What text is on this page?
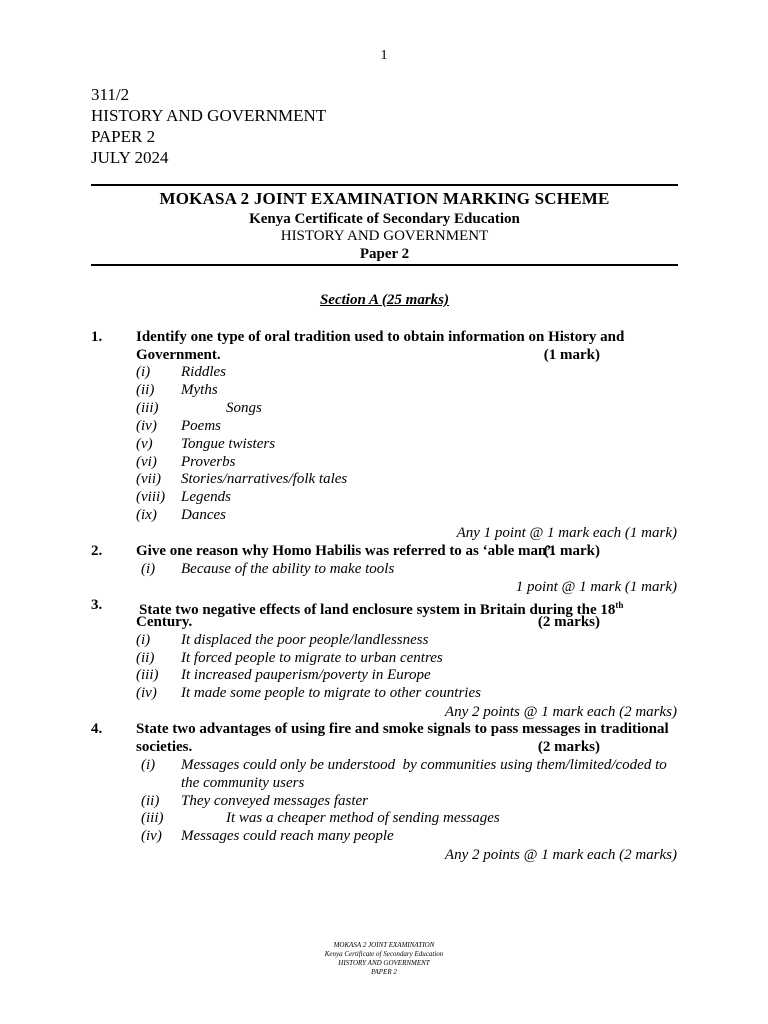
1
311/2
HISTORY AND GOVERNMENT
PAPER 2
JULY 2024
MOKASA 2 JOINT EXAMINATION MARKING SCHEME
Kenya Certificate of Secondary Education
HISTORY AND GOVERNMENT
Paper 2
Section A (25 marks)
1. Identify one type of oral tradition used to obtain information on History and
Government.	(1 mark)
(i) Riddles
(ii) Myths
(iii)	Songs
(iv) Poems
(v) Tongue twisters
(vi) Proverbs
(vii) Stories/narratives/folk tales
(viii) Legends
(ix) Dances
Any 1 point @ 1 mark each (1 mark)
2. Give one reason why Homo Habilis was referred to as ‘able man’.
(1 mark)
(i) Because of the ability to make tools
1 point @ 1 mark (1 mark)
3. State two negative effects of land enclosure system in Britain during the 18th
Century.	(2 marks)
(i) It displaced the poor people/landlessness
(ii) It forced people to migrate to urban centres
(iii) It increased pauperism/poverty in Europe
(iv) It made some people to migrate to other countries
Any 2 points @ 1 mark each (2 marks)
4. State two advantages of using fire and smoke signals to pass messages in traditional
societies.	(2 marks)
(i) Messages could only be understood  by communities using them/limited/coded to
the community users
(ii) They conveyed messages faster
(iii)	It was a cheaper method of sending messages
(iv) Messages could reach many people
Any 2 points @ 1 mark each (2 marks)
MOKASA 2 JOINT EXAMINATION
Kenya Certificate of Secondary Education
HISTORY AND GOVERNMENT
PAPER 2
